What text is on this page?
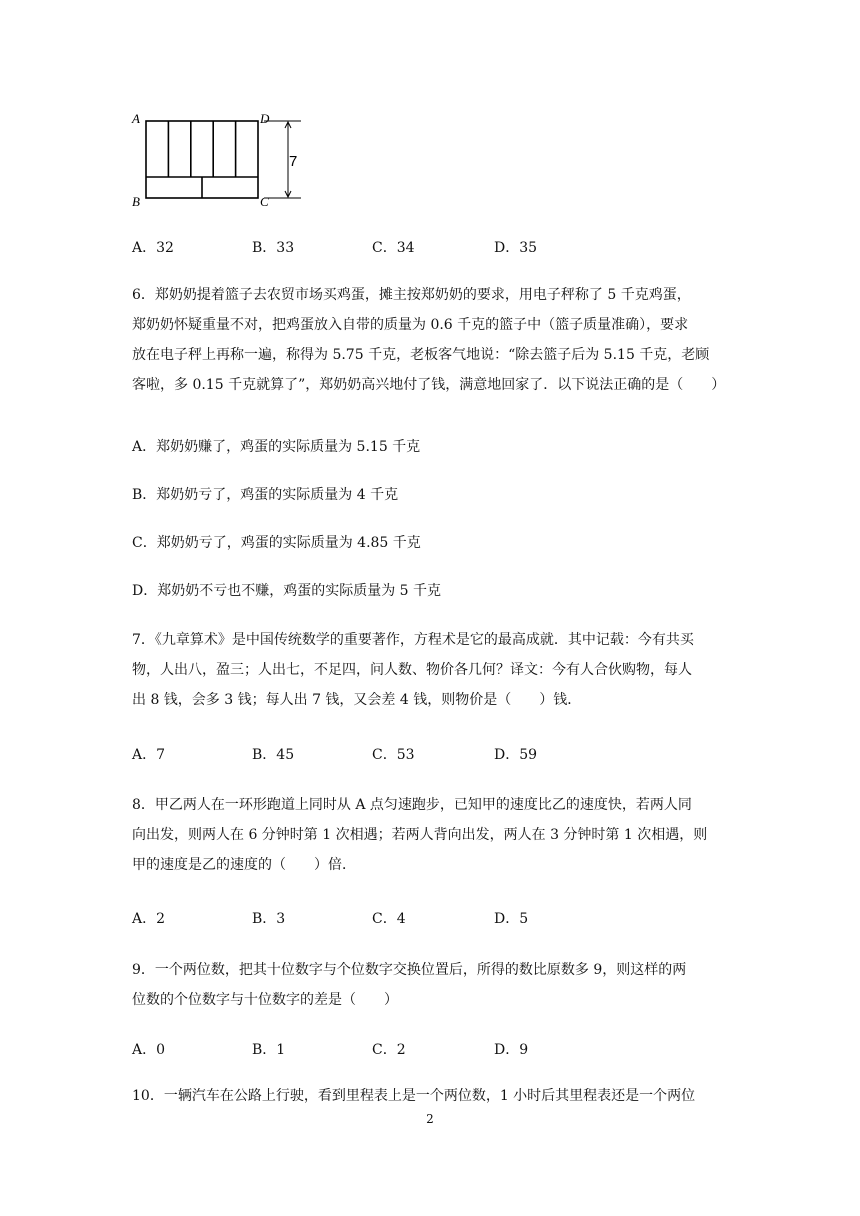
A
B	C
D
7
A．32	B．33	C．34	D．35

6．郑奶奶提着篮子去农贸市场买鸡蛋，摊主按郑奶奶的要求，用电子秤称了 5 千克鸡蛋，

郑奶奶怀疑重量不对，把鸡蛋放入自带的质量为 0.6 千克的篮子中（篮子质量准确），要求

放在电子秤上再称一遍，称得为 5.75 千克，老板客气地说：“除去篮子后为 5.15 千克，老顾

客啦，多 0.15 千克就算了”，郑奶奶高兴地付了钱，满意地回家了．以下说法正确的是（　　）

A．郑奶奶赚了，鸡蛋的实际质量为 5.15 千克
B．郑奶奶亏了，鸡蛋的实际质量为 4 千克
C．郑奶奶亏了，鸡蛋的实际质量为 4.85 千克
D．郑奶奶不亏也不赚，鸡蛋的实际质量为 5 千克

7．《九章算术》是中国传统数学的重要著作，方程术是它的最高成就．其中记载：今有共买

物，人出八，盈三；人出七，不足四，问人数、物价各几何？译文：今有人合伙购物，每人

出 8 钱，会多 3 钱；每人出 7 钱，又会差 4 钱，则物价是（　　）钱．

A．7	B．45	C．53	D．59

8．甲乙两人在一环形跑道上同时从 A 点匀速跑步，已知甲的速度比乙的速度快，若两人同

向出发，则两人在 6 分钟时第 1 次相遇；若两人背向出发，两人在 3 分钟时第 1 次相遇，则

甲的速度是乙的速度的（　　）倍．

A．2	B．3	C．4	D．5

9．一个两位数，把其十位数字与个位数字交换位置后，所得的数比原数多 9，则这样的两

位数的个位数字与十位数字的差是（　　）

A．0	B．1	C．2	D．9
10．一辆汽车在公路上行驶，看到里程表上是一个两位数，1 小时后其里程表还是一个两位
2
